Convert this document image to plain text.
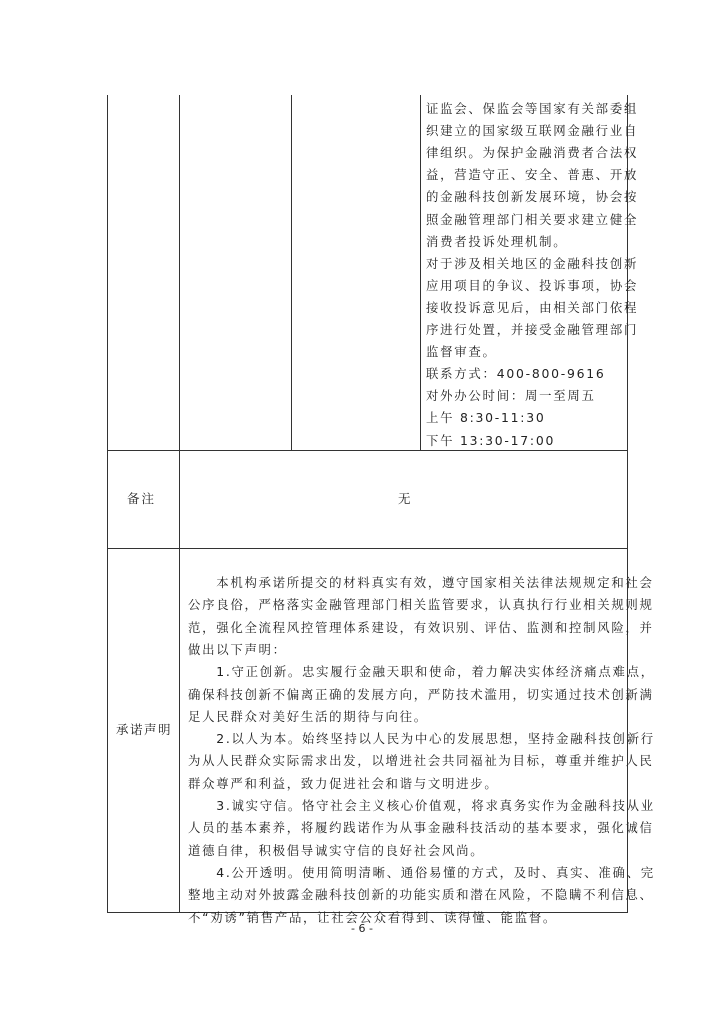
证监会、保监会等国家有关部委组
织建立的国家级互联网金融行业自
律组织。为保护金融消费者合法权
益，营造守正、安全、普惠、开放
的金融科技创新发展环境，协会按
照金融管理部门相关要求建立健全
消费者投诉处理机制。
对于涉及相关地区的金融科技创新
应用项目的争议、投诉事项，协会
接收投诉意见后，由相关部门依程
序进行处置，并接受金融管理部门
监督审查。
联系方式：400-800-9616
对外办公时间：周一至周五
上午 8:30-11:30
下午 13:30-17:00
备注	无
承诺声明
　　本机构承诺所提交的材料真实有效，遵守国家相关法律法规规定和社会
公序良俗，严格落实金融管理部门相关监管要求，认真执行行业相关规则规
范，强化全流程风控管理体系建设，有效识别、评估、监测和控制风险，并
做出以下声明：
　　1.守正创新。忠实履行金融天职和使命，着力解决实体经济痛点难点，
确保科技创新不偏离正确的发展方向，严防技术滥用，切实通过技术创新满
足人民群众对美好生活的期待与向往。
　　2.以人为本。始终坚持以人民为中心的发展思想，坚持金融科技创新行
为从人民群众实际需求出发，以增进社会共同福祉为目标，尊重并维护人民
群众尊严和利益，致力促进社会和谐与文明进步。
　　3.诚实守信。恪守社会主义核心价值观，将求真务实作为金融科技从业
人员的基本素养，将履约践诺作为从事金融科技活动的基本要求，强化诚信
道德自律，积极倡导诚实守信的良好社会风尚。
　　4.公开透明。使用简明清晰、通俗易懂的方式，及时、真实、准确、完
整地主动对外披露金融科技创新的功能实质和潜在风险，不隐瞒不利信息、
不“劝诱”销售产品，让社会公众看得到、读得懂、能监督。
- 6 -
